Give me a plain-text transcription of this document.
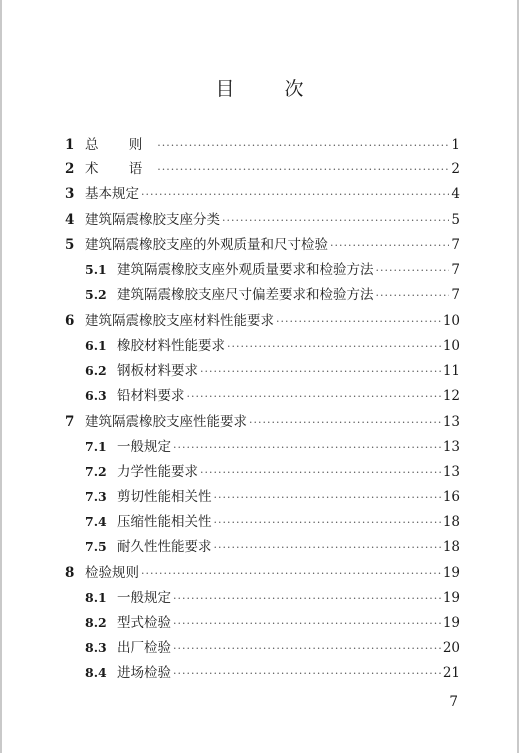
目 次
1 总 则 ·····	1
2 术 语 ·····	2
3 基本规定 ·····	4
4 建筑隔震橡胶支座分类 ·····	5
5 建筑隔震橡胶支座的外观质量和尺寸检验 ·····	7
5.1 建筑隔震橡胶支座外观质量要求和检验方法 ·····	7
5.2 建筑隔震橡胶支座尺寸偏差要求和检验方法 ·····	7
6 建筑隔震橡胶支座材料性能要求 ·····	10
6.1 橡胶材料性能要求 ·····	10
6.2 钢板材料要求 ·····	11
6.3 铅材料要求 ·····	12
7 建筑隔震橡胶支座性能要求 ·····	13
7.1 一般规定 ·····	13
7.2 力学性能要求 ·····	13
7.3 剪切性能相关性 ·····	16
7.4 压缩性能相关性 ·····	18
7.5 耐久性性能要求 ·····	18
8 检验规则 ·····	19
8.1 一般规定 ·····	19
8.2 型式检验 ·····	19
8.3 出厂检验 ·····	20
8.4 进场检验 ·····	21
7
